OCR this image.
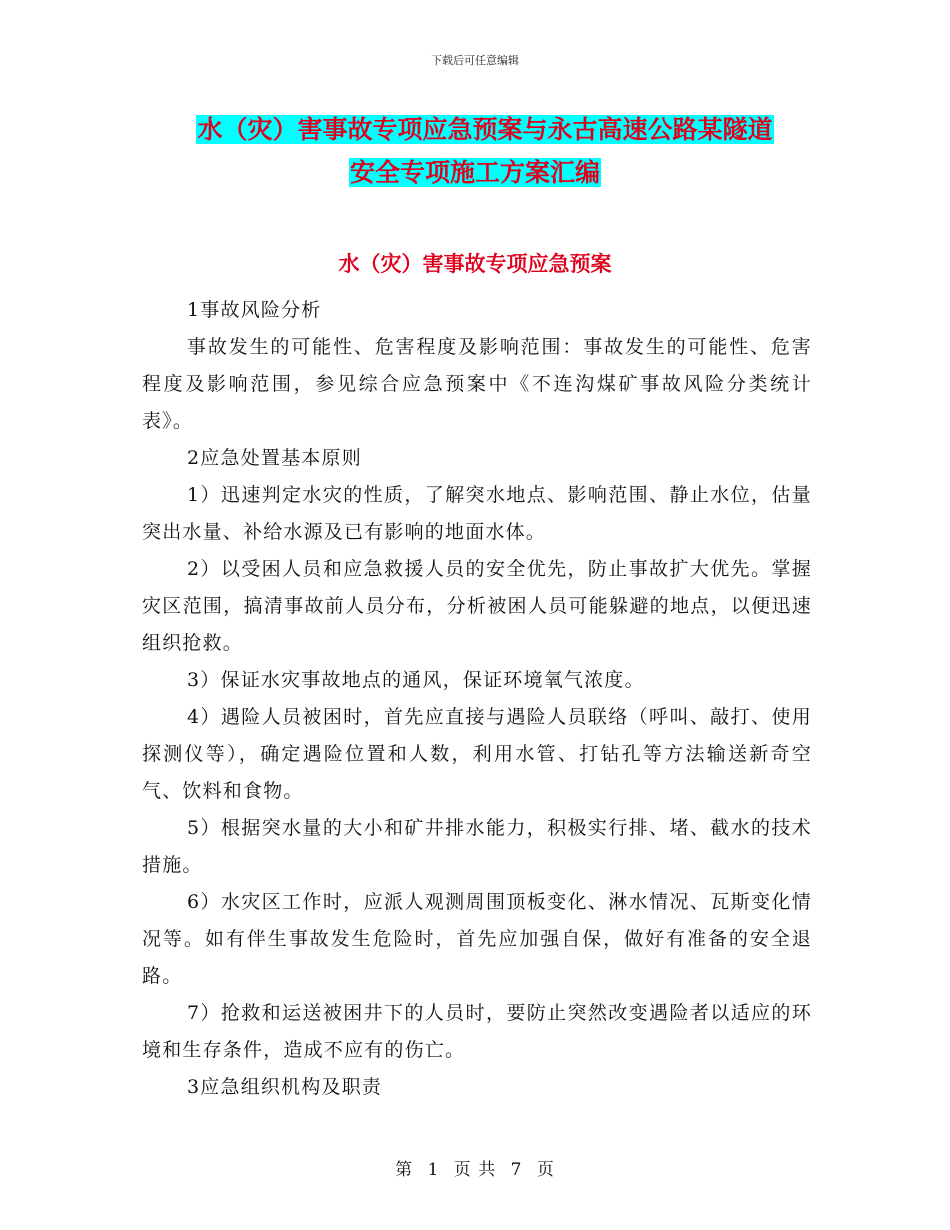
下载后可任意编辑
水（灾）害事故专项应急预案与永古高速公路某隧道
安全专项施工方案汇编
水（灾）害事故专项应急预案

1事故风险分析

事故发生的可能性、危害程度及影响范围：事故发生的可能性、危害程度及影响范围，参见综合应急预案中《不连沟煤矿事故风险分类统计表》。

2应急处置基本原则

1）迅速判定水灾的性质，了解突水地点、影响范围、静止水位，估量突出水量、补给水源及已有影响的地面水体。

2）以受困人员和应急救援人员的安全优先，防止事故扩大优先。掌握灾区范围，搞清事故前人员分布，分析被困人员可能躲避的地点，以便迅速组织抢救。

3）保证水灾事故地点的通风，保证环境氧气浓度。

4）遇险人员被困时，首先应直接与遇险人员联络（呼叫、敲打、使用探测仪等），确定遇险位置和人数，利用水管、打钻孔等方法输送新奇空气、饮料和食物。

5）根据突水量的大小和矿井排水能力，积极实行排、堵、截水的技术措施。

6）水灾区工作时，应派人观测周围顶板变化、淋水情况、瓦斯变化情况等。如有伴生事故发生危险时，首先应加强自保，做好有准备的安全退路。

7）抢救和运送被困井下的人员时，要防止突然改变遇险者以适应的环境和生存条件，造成不应有的伤亡。

3应急组织机构及职责

第 1 页 共 7 页
